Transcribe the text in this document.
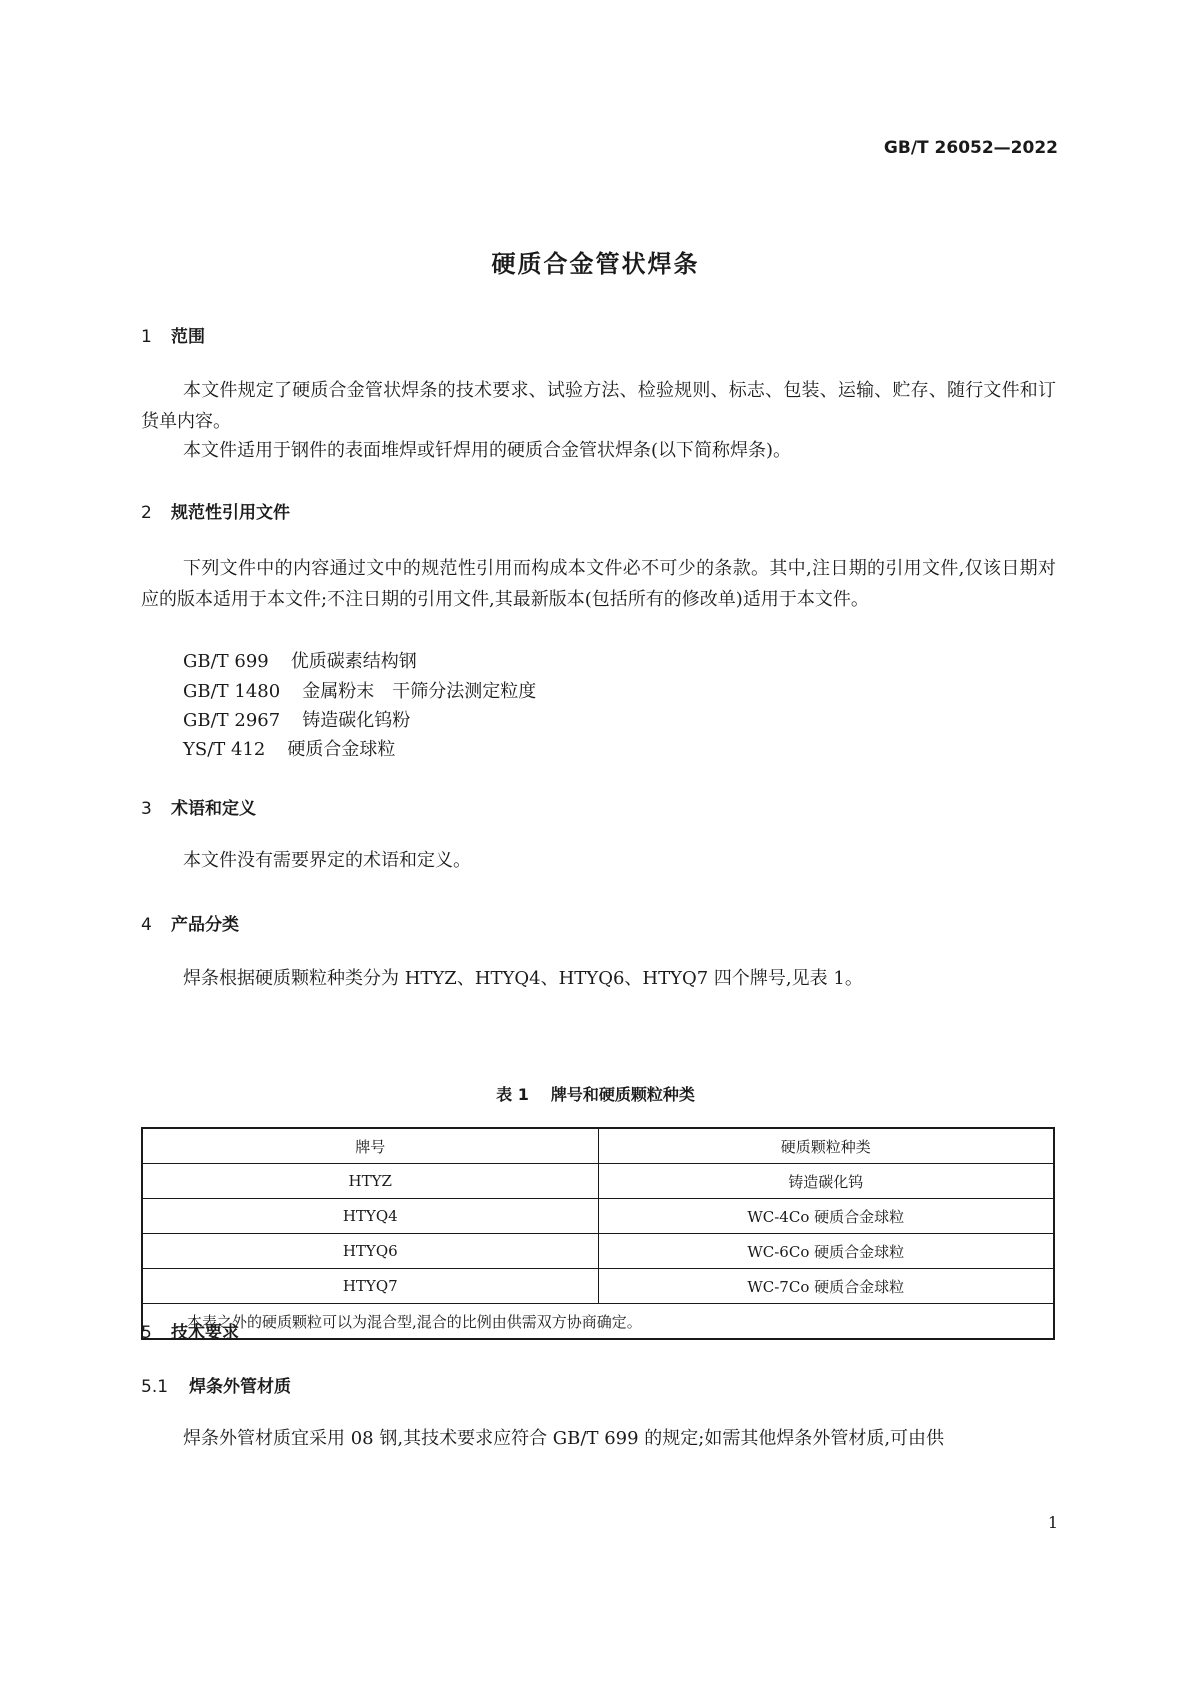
GB/T 26052—2022
硬质合金管状焊条
1 范围
本文件规定了硬质合金管状焊条的技术要求、试验方法、检验规则、标志、包装、运输、贮存、随行文件和订货单内容。
本文件适用于钢件的表面堆焊或钎焊用的硬质合金管状焊条(以下简称焊条)。
2 规范性引用文件
下列文件中的内容通过文中的规范性引用而构成本文件必不可少的条款。其中,注日期的引用文件,仅该日期对应的版本适用于本文件;不注日期的引用文件,其最新版本(包括所有的修改单)适用于本文件。
GB/T 699 优质碳素结构钢
GB/T 1480 金属粉末　干筛分法测定粒度
GB/T 2967 铸造碳化钨粉
YS/T 412 硬质合金球粒
3 术语和定义
本文件没有需要界定的术语和定义。
4 产品分类
焊条根据硬质颗粒种类分为 HTYZ、HTYQ4、HTYQ6、HTYQ7 四个牌号,见表 1。
表 1 牌号和硬质颗粒种类
牌号	硬质颗粒种类
HTYZ	铸造碳化钨
HTYQ4	WC-4Co 硬质合金球粒
HTYQ6	WC-6Co 硬质合金球粒
HTYQ7	WC-7Co 硬质合金球粒
本表之外的硬质颗粒可以为混合型,混合的比例由供需双方协商确定。	
5 技术要求
5.1 焊条外管材质
焊条外管材质宜采用 08 钢,其技术要求应符合 GB/T 699 的规定;如需其他焊条外管材质,可由供
1
